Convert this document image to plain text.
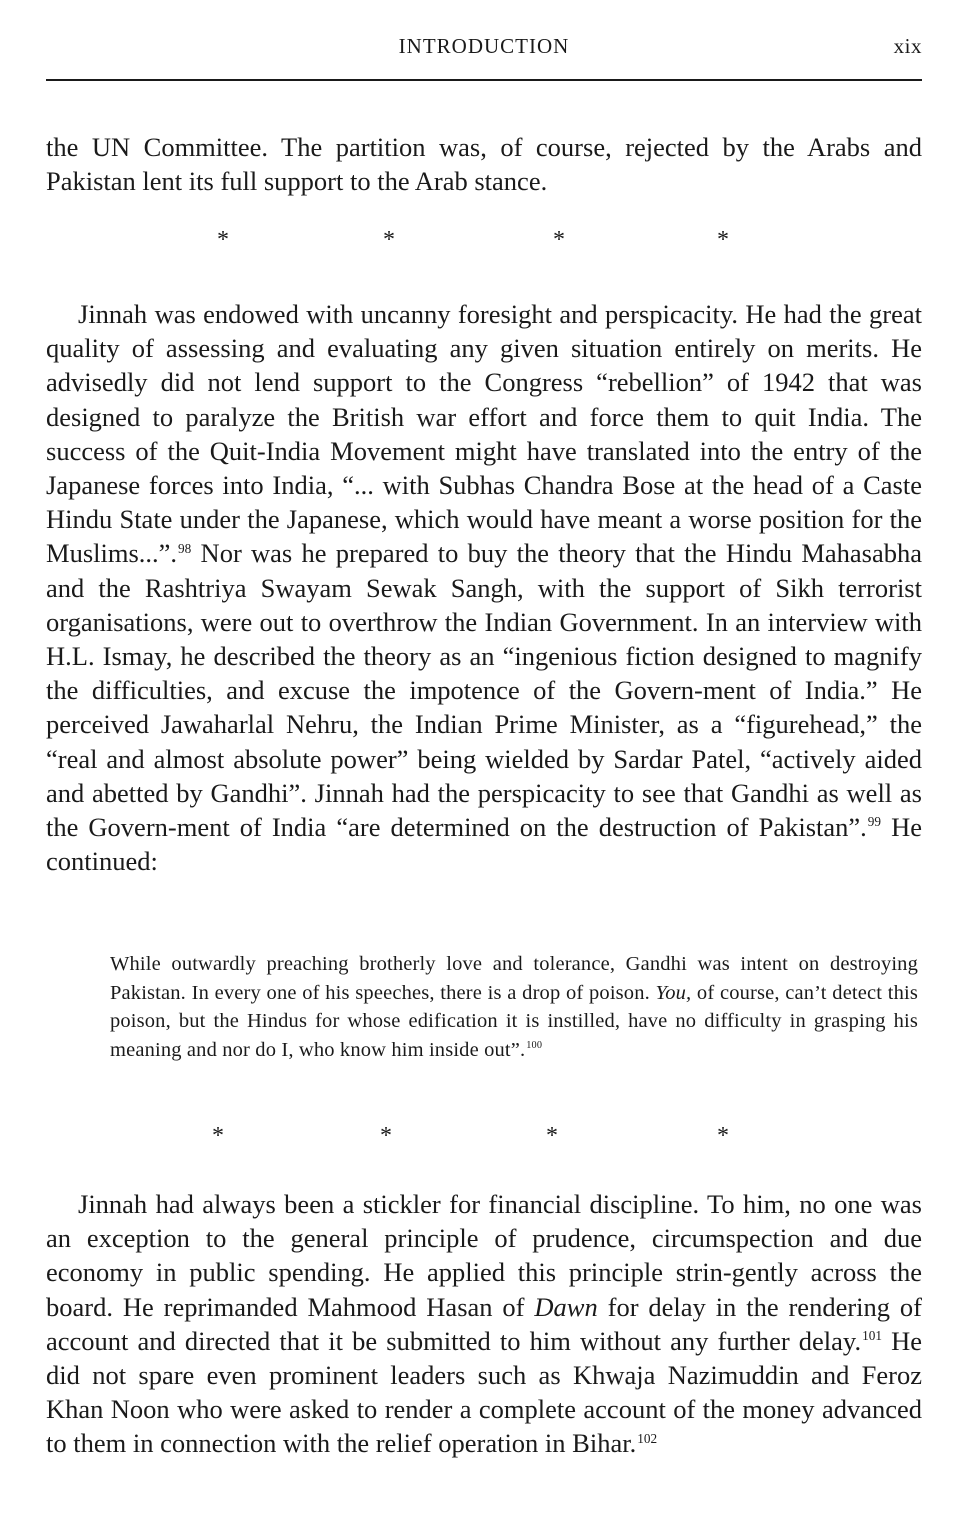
INTRODUCTION	xix

the UN Committee. The partition was, of course, rejected by the Arabs and Pakistan lent its full support to the Arab stance.

*	*	*	*

Jinnah was endowed with uncanny foresight and perspicacity. He had the great quality of assessing and evaluating any given situation entirely on merits. He advisedly did not lend support to the Congress “rebellion” of 1942 that was designed to paralyze the British war effort and force them to quit India. The success of the Quit-India Movement might have translated into the entry of the Japanese forces into India, “... with Subhas Chandra Bose at the head of a Caste Hindu State under the Japanese, which would have meant a worse position for the Muslims...”.$^{98}$ Nor was he prepared to buy the theory that the Hindu Mahasabha and the Rashtriya Swayam Sewak Sangh, with the support of Sikh terrorist organisations, were out to overthrow the Indian Government. In an interview with H.L. Ismay, he described the theory as an “ingenious fiction designed to magnify the difficulties, and excuse the impotence of the Govern-ment of India.” He perceived Jawaharlal Nehru, the Indian Prime Minister, as a “figurehead,” the “real and almost absolute power” being wielded by Sardar Patel, “actively aided and abetted by Gandhi”. Jinnah had the perspicacity to see that Gandhi as well as the Govern-ment of India “are determined on the destruction of Pakistan”.$^{99}$ He continued:

While outwardly preaching brotherly love and tolerance, Gandhi was intent on destroying Pakistan. In every one of his speeches, there is a drop of poison. You, of course, can’t detect this poison, but the Hindus for whose edification it is instilled, have no difficulty in grasping his meaning and nor do I, who know him inside out”.$^{100}$

*	*	*	*

Jinnah had always been a stickler for financial discipline. To him, no one was an exception to the general principle of prudence, circumspection and due economy in public spending. He applied this principle strin-gently across the board. He reprimanded Mahmood Hasan of Dawn for delay in the rendering of account and directed that it be submitted to him without any further delay.$^{101}$ He did not spare even prominent leaders such as Khwaja Nazimuddin and Feroz Khan Noon who were asked to render a complete account of the money advanced to them in connection with the relief operation in Bihar.$^{102}$
